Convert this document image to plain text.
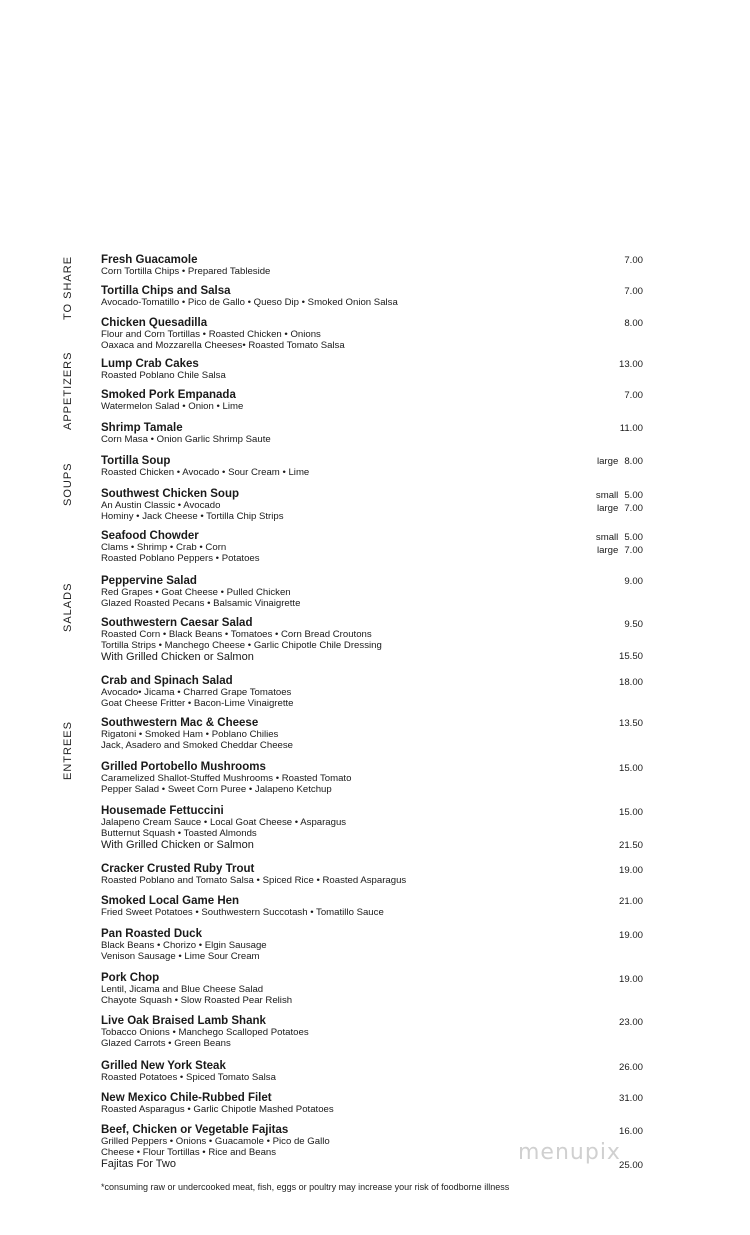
TO SHARE
APPETIZERS
SOUPS
SALADS
ENTREES
Fresh Guacamole
Corn Tortilla Chips • Prepared Tableside
7.00
Tortilla Chips and Salsa
Avocado-Tomatillo • Pico de Gallo • Queso Dip • Smoked Onion Salsa
7.00
Chicken Quesadilla
Flour and Corn Tortillas • Roasted Chicken • Onions
Oaxaca and Mozzarella Cheeses• Roasted Tomato Salsa
8.00
Lump Crab Cakes
Roasted Poblano Chile Salsa
13.00
Smoked Pork Empanada
Watermelon Salad • Onion • Lime
7.00
Shrimp Tamale
Corn Masa • Onion Garlic Shrimp Saute
11.00
Tortilla Soup
Roasted Chicken • Avocado • Sour Cream • Lime
large 8.00
Southwest Chicken Soup
An Austin Classic • Avocado
Hominy • Jack Cheese • Tortilla Chip Strips
small 5.00
large 7.00
Seafood Chowder
Clams • Shrimp • Crab • Corn
Roasted Poblano Peppers • Potatoes
small 5.00
large 7.00
Peppervine Salad
Red Grapes • Goat Cheese • Pulled Chicken
Glazed Roasted Pecans • Balsamic Vinaigrette
9.00
Southwestern Caesar Salad
Roasted Corn • Black Beans • Tomatoes • Corn Bread Croutons
Tortilla Strips • Manchego Cheese • Garlic Chipotle Chile Dressing
With Grilled Chicken or Salmon
9.50
15.50
Crab and Spinach Salad
Avocado• Jicama • Charred Grape Tomatoes
Goat Cheese Fritter • Bacon-Lime Vinaigrette
18.00
Southwestern Mac & Cheese
Rigatoni • Smoked Ham • Poblano Chilies
Jack, Asadero and Smoked Cheddar Cheese
13.50
Grilled Portobello Mushrooms
Caramelized Shallot-Stuffed Mushrooms • Roasted Tomato
Pepper Salad • Sweet Corn Puree • Jalapeno Ketchup
15.00
Housemade Fettuccini
Jalapeno Cream Sauce • Local Goat Cheese • Asparagus
Butternut Squash • Toasted Almonds
With Grilled Chicken or Salmon
15.00
21.50
Cracker Crusted Ruby Trout
Roasted Poblano and Tomato Salsa • Spiced Rice • Roasted Asparagus
19.00
Smoked Local Game Hen
Fried Sweet Potatoes • Southwestern Succotash • Tomatillo Sauce
21.00
Pan Roasted Duck
Black Beans • Chorizo • Elgin Sausage
Venison Sausage • Lime Sour Cream
19.00
Pork Chop
Lentil, Jicama and Blue Cheese Salad
Chayote Squash • Slow Roasted Pear Relish
19.00
Live Oak Braised Lamb Shank
Tobacco Onions • Manchego Scalloped Potatoes
Glazed Carrots • Green Beans
23.00
Grilled New York Steak
Roasted Potatoes • Spiced Tomato Salsa
26.00
New Mexico Chile-Rubbed Filet
Roasted Asparagus • Garlic Chipotle Mashed Potatoes
31.00
Beef, Chicken or Vegetable Fajitas
Grilled Peppers • Onions • Guacamole • Pico de Gallo
Cheese • Flour Tortillas • Rice and Beans
Fajitas For Two
16.00
25.00
menupix
*consuming raw or undercooked meat, fish, eggs or poultry may increase your risk of foodborne illness
